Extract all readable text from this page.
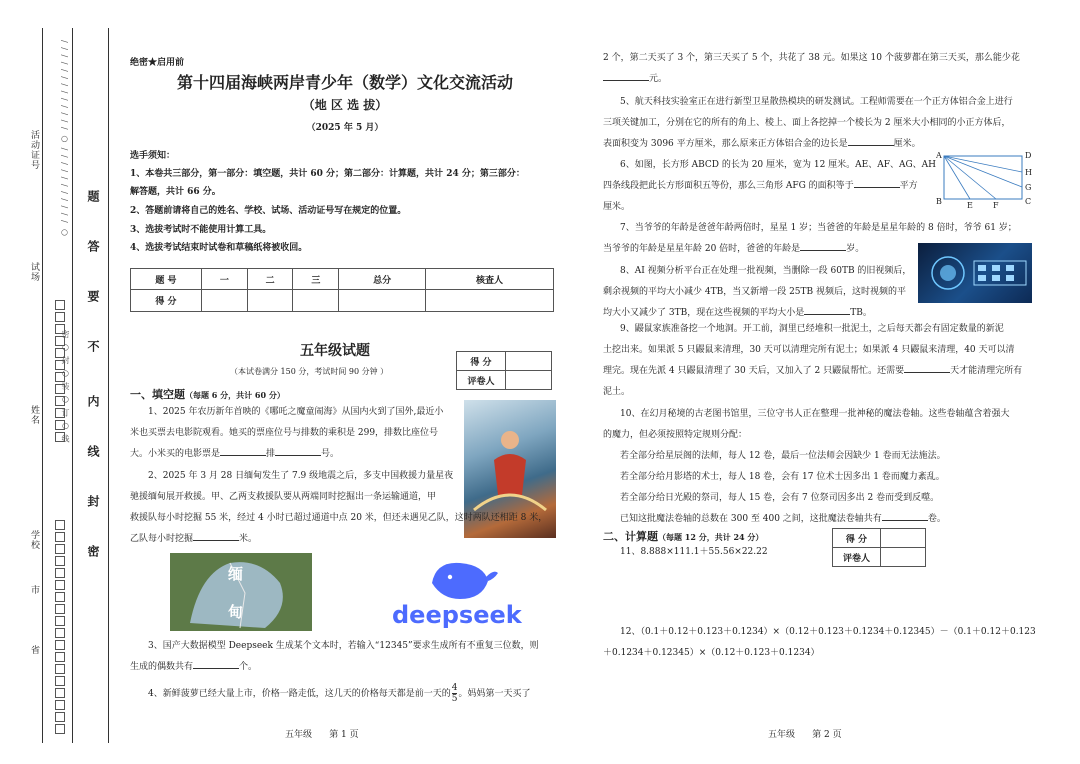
活动证号
试场
姓名
学校
市
省
/ / / / / / / / / / / / / ○ / / / / / / / / / / / ○
密 ○ 封 ○ 装 ○ 订 ○ 线
题
答
要
不
内
线
封
密
绝密★启用前
第十四届海峡两岸青少年（数学）文化交流活动
（地 区 选 拔）
（2025 年 5 月）
选手须知：
1、本卷共三部分，第一部分：填空题，共计 60 分；第二部分：计算题，共计 24 分；第三部分：
解答题，共计 66 分。
2、答题前请将自己的姓名、学校、试场、活动证号写在规定的位置。
3、选拔考试时不能使用计算工具。
4、选拔考试结束时试卷和草稿纸将被收回。
题 号	一	二	三	总分	核查人
得 分					
五年级试题
（本试卷满分 150 分，考试时间 90 分钟 ）
得 分	
评卷人	
一、填空题（每题 6 分，共计 60 分）
1、2025 年农历新年首映的《哪吒之魔童闹海》从国内火到了国外,最近小
米也买票去电影院观看。她买的票座位号与排数的乘积是 299，排数比座位号
大。小米买的电影票是	排	号。
2、2025 年 3 月 28 日缅甸发生了 7.9 级地震之后，多支中国救援力量星夜
驰援缅甸展开救援。甲、乙两支救援队要从两端同时挖掘出一条运输通道，甲
救援队每小时挖掘 55 米，经过 4 小时已超过通道中点 20 米，但还未遇见乙队，这时两队还相距 8 米，
乙队每小时挖掘	米。
缅
甸	deepseek
3、国产大数据模型 Deepseek 生成某个文本时，若输入“12345”要求生成所有不重复三位数，则
生成的偶数共有	个。
4、新鲜菠萝已经大量上市，价格一路走低，这几天的价格每天都是前一天的 $\frac{4}{5}$ 。妈妈第一天买了
五年级 第 1 页
2 个，第二天买了 3 个，第三天买了 5 个，共花了 38 元。如果这 10 个菠萝都在第三天买，那么能少花
元。
5、航天科技实验室正在进行新型卫星散热模块的研发测试。工程师需要在一个正方体铝合金上进行
三项关键加工，分别在它的所有的角上、棱上、面上各挖掉一个棱长为 2 厘米大小相同的小正方体后，
表面积变为 3096 平方厘米，那么原来正方体铝合金的边长是	厘米。
6、如图，长方形 ABCD 的长为 20 厘米，宽为 12 厘米。AE、AF、AG、AH
四条线段把此长方形面积五等份，那么三角形 AFG 的面积等于	平方
厘米。
A	D
B	C
E	F
G
H
7、当爷爷的年龄是爸爸年龄两倍时，星星 1 岁；当爸爸的年龄是星星年龄的 8 倍时，爷爷 61 岁；
当爷爷的年龄是星星年龄 20 倍时，爸爸的年龄是	岁。
8、AI 视频分析平台正在处理一批视频，当删除一段 60TB 的旧视频后，
剩余视频的平均大小减少 4TB，当又新增一段 25TB 视频后，这时视频的平
均大小又减少了 3TB，现在这些视频的平均大小是	TB。
9、鼹鼠家族准备挖一个地洞。开工前，洞里已经堆积一批泥土，之后每天都会有固定数量的新泥
土挖出来。如果派 5 只鼹鼠来清理，30 天可以清理完所有泥土；如果派 4 只鼹鼠来清理，40 天可以清
理完。现在先派 4 只鼹鼠清理了 30 天后，又加入了 2 只鼹鼠帮忙。还需要	天才能清理完所有
泥土。
10、在幻月秘境的古老图书馆里，三位守书人正在整理一批神秘的魔法卷轴。这些卷轴蕴含着强大
的魔力，但必须按照特定规则分配：
若全部分给星辰阁的法师，每人 12 卷，最后一位法师会因缺少 1 卷而无法施法。
若全部分给月影塔的术士，每人 18 卷，会有 17 位术士因多出 1 卷而魔力紊乱。
若全部分给日光殿的祭司，每人 15 卷，会有 7 位祭司因多出 2 卷而受到反噬。
已知这批魔法卷轴的总数在 300 至 400 之间，这批魔法卷轴共有	卷。
二、计算题（每题 12 分，共计 24 分）	得 分	
评卷人	
11、8.888×111.1＋55.56×22.22
12、（0.1＋0.12＋0.123＋0.1234）×（0.12＋0.123＋0.1234＋0.12345）－（0.1＋0.12＋0.123
＋0.1234＋0.12345）×（0.12＋0.123＋0.1234）
五年级 第 2 页
